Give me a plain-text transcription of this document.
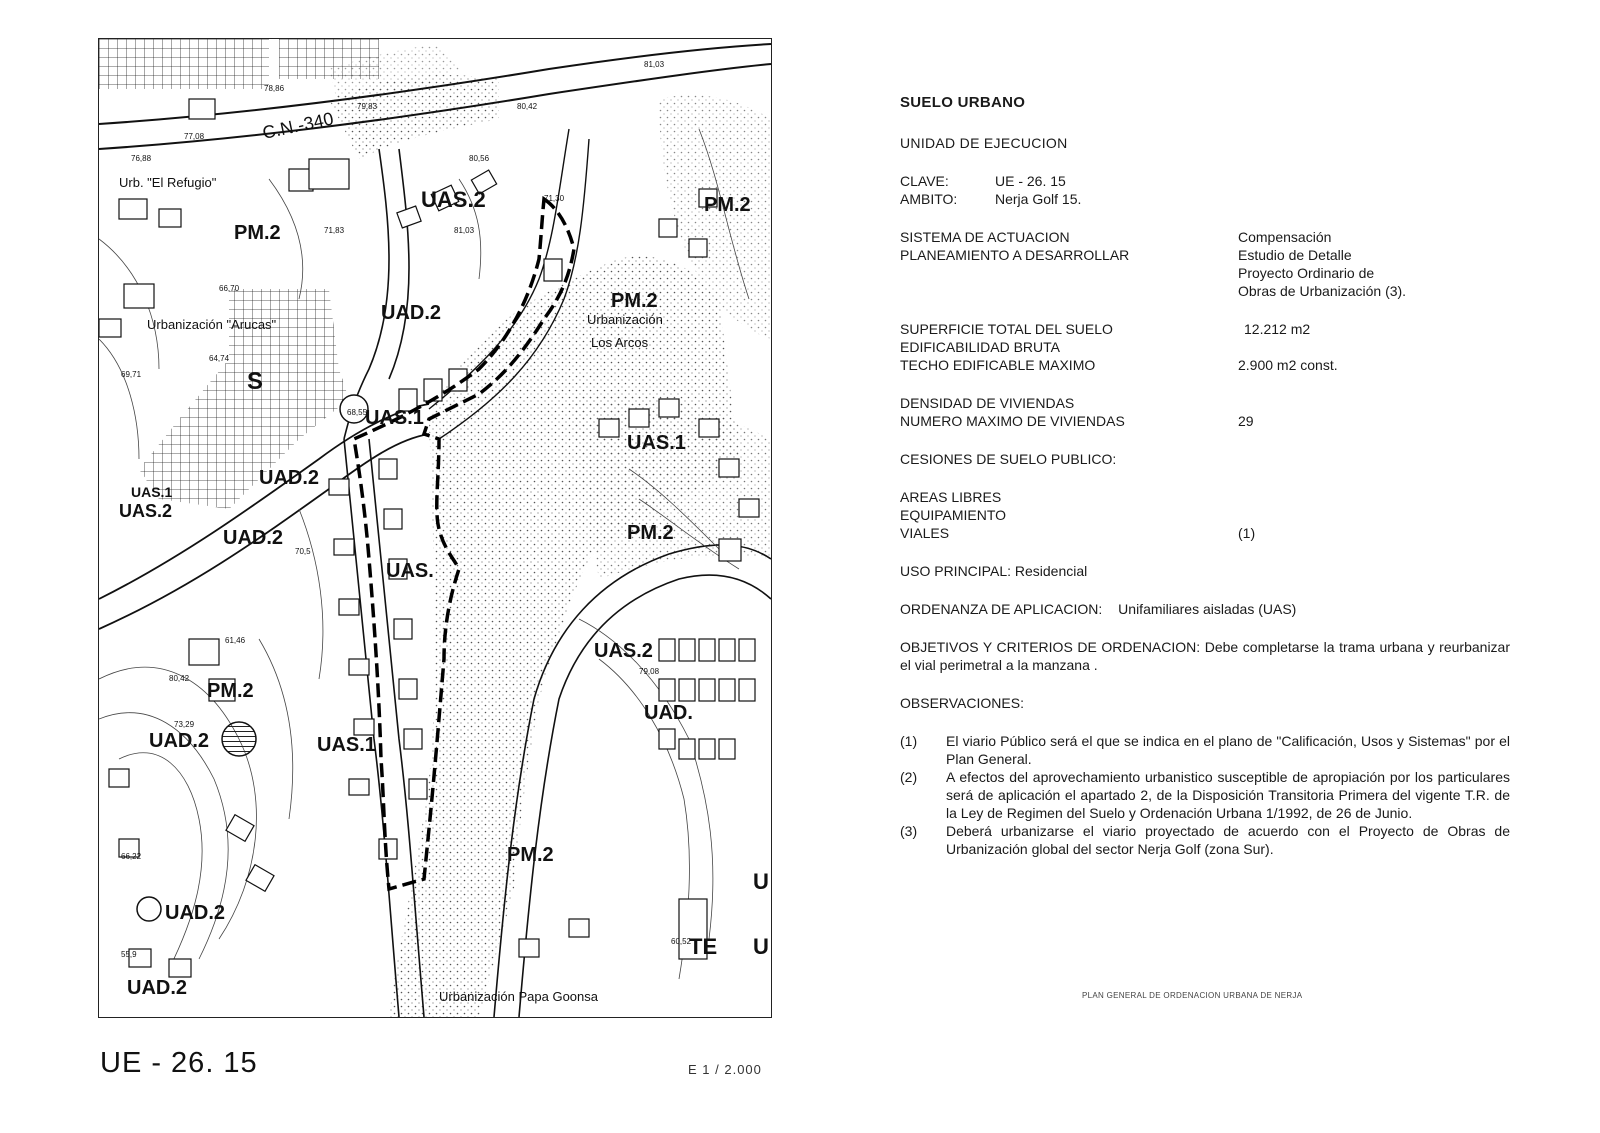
UAS.2
PM.2
PM.2
PM.2
UAD.2
S
UAS.1
UAD.2
UAS.1
UAS.2
UAD.2	PM.2
UAS.
UAS.1
UAS.2
PM.2
UAD.2	UAS.1
UAD.
PM.2
UAD.2
UAD.2
TE U
U
C.N.-340
Urb. "El Refugio"
Urbanización "Arucas"	Urbanización
Los Arcos
Urbanización Papa Goonsa
81,03
78,86
79,83	80,42
77,08
76,88	80,56
71,83	81,03
66,70
64,74
69,71
68,55
70,5
66,22
55,9
61,46
80,42
71,30
79,08
73,29
60,52
UE - 26. 15	E 1 / 2.000

SUELO URBANO

UNIDAD DE EJECUCION

CLAVE:	UE - 26. 15
AMBITO:	Nerja Golf 15.
SISTEMA DE ACTUACION	Compensación
PLANEAMIENTO A DESARROLLAR	Estudio de Detalle
Proyecto Ordinario de
Obras de Urbanización (3).
SUPERFICIE TOTAL DEL SUELO	12.212 m2
EDIFICABILIDAD BRUTA
TECHO EDIFICABLE MAXIMO	2.900 m2 const.
DENSIDAD DE VIVIENDAS
NUMERO MAXIMO DE VIVIENDAS	29
CESIONES DE SUELO PUBLICO:
AREAS LIBRES
EQUIPAMIENTO
VIALES	(1)
USO PRINCIPAL: Residencial
ORDENANZA DE APLICACION: Unifamiliares aisladas (UAS)
OBJETIVOS Y CRITERIOS DE ORDENACION: Debe completarse la trama urbana y reurbanizar el vial perimetral a la manzana .
OBSERVACIONES:
(1)	El viario Público será el que se indica en el plano de "Calificación, Usos y Sistemas" por el Plan General.
(2)	A efectos del aprovechamiento urbanistico susceptible de apropiación por los particulares será de aplicación el apartado 2, de la Disposición Transitoria Primera del vigente T.R. de la Ley de Regimen del Suelo y Ordenación Urbana 1/1992, de 26 de Junio.
(3)	Deberá urbanizarse el viario proyectado de acuerdo con el Proyecto de Obras de Urbanización global del sector Nerja Golf (zona Sur).
PLAN GENERAL DE ORDENACION URBANA DE NERJA
